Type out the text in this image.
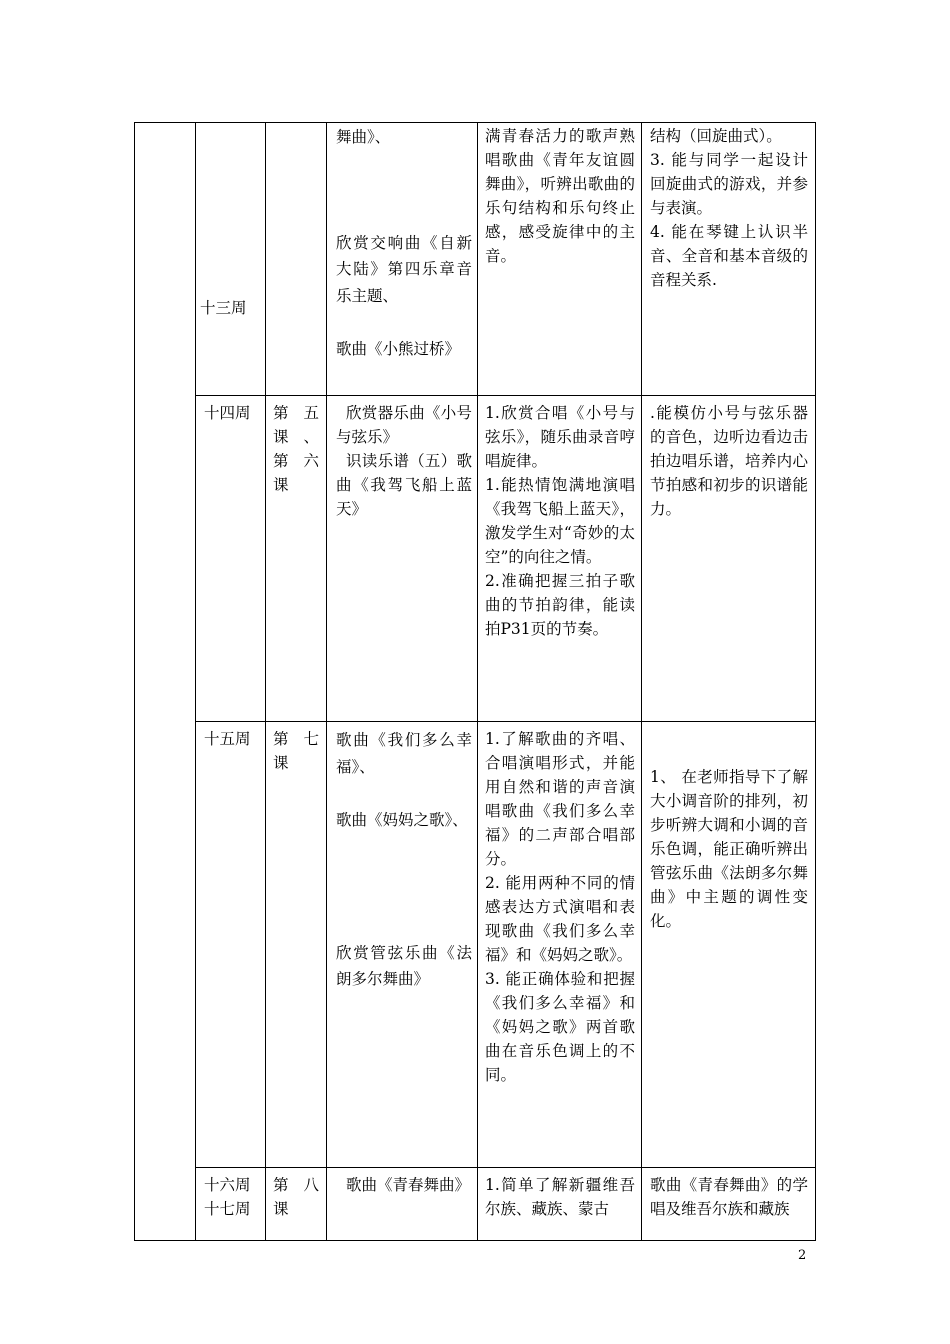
十三周

舞曲》、

欣赏交响曲《自新大陆》第四乐章音乐主题、

歌曲《小熊过桥》

满青春活力的歌声熟唱歌曲《青年友谊圆舞曲》，听辨出歌曲的乐句结构和乐句终止感，感受旋律中的主音。

结构（回旋曲式）。

3. 能与同学一起设计回旋曲式的游戏，并参与表演。

4. 能在琴键上认识半音、全音和基本音级的音程关系.

十四周	第五课、第六课

欣赏器乐曲《小号与弦乐》

识读乐谱（五）歌曲《我驾飞船上蓝天》

1.欣赏合唱《小号与弦乐》，随乐曲录音哼唱旋律。

1.能热情饱满地演唱《我驾飞船上蓝天》，激发学生对“奇妙的太空”的向往之情。

2.准确把握三拍子歌曲的节拍韵律，能读拍P31页的节奏。

.能模仿小号与弦乐器的音色，边听边看边击拍边唱乐谱，培养内心节拍感和初步的识谱能力。

十五周	第七课

歌曲《我们多么幸福》、

歌曲《妈妈之歌》、

欣赏管弦乐曲《法朗多尔舞曲》

1.了解歌曲的齐唱、合唱演唱形式，并能用自然和谐的声音演唱歌曲《我们多么幸福》的二声部合唱部分。

2. 能用两种不同的情感表达方式演唱和表现歌曲《我们多么幸福》和《妈妈之歌》。

3. 能正确体验和把握《我们多么幸福》和《妈妈之歌》两首歌曲在音乐色调上的不同。

1、 在老师指导下了解大小调音阶的排列，初步听辨大调和小调的音乐色调，能正确听辨出管弦乐曲《法朗多尔舞曲》中主题的调性变化。

十六周

十七周

第八课

歌曲《青春舞曲》 1.简单了解新疆维吾尔族、藏族、蒙古

歌曲《青春舞曲》的学唱及维吾尔族和藏族

2
